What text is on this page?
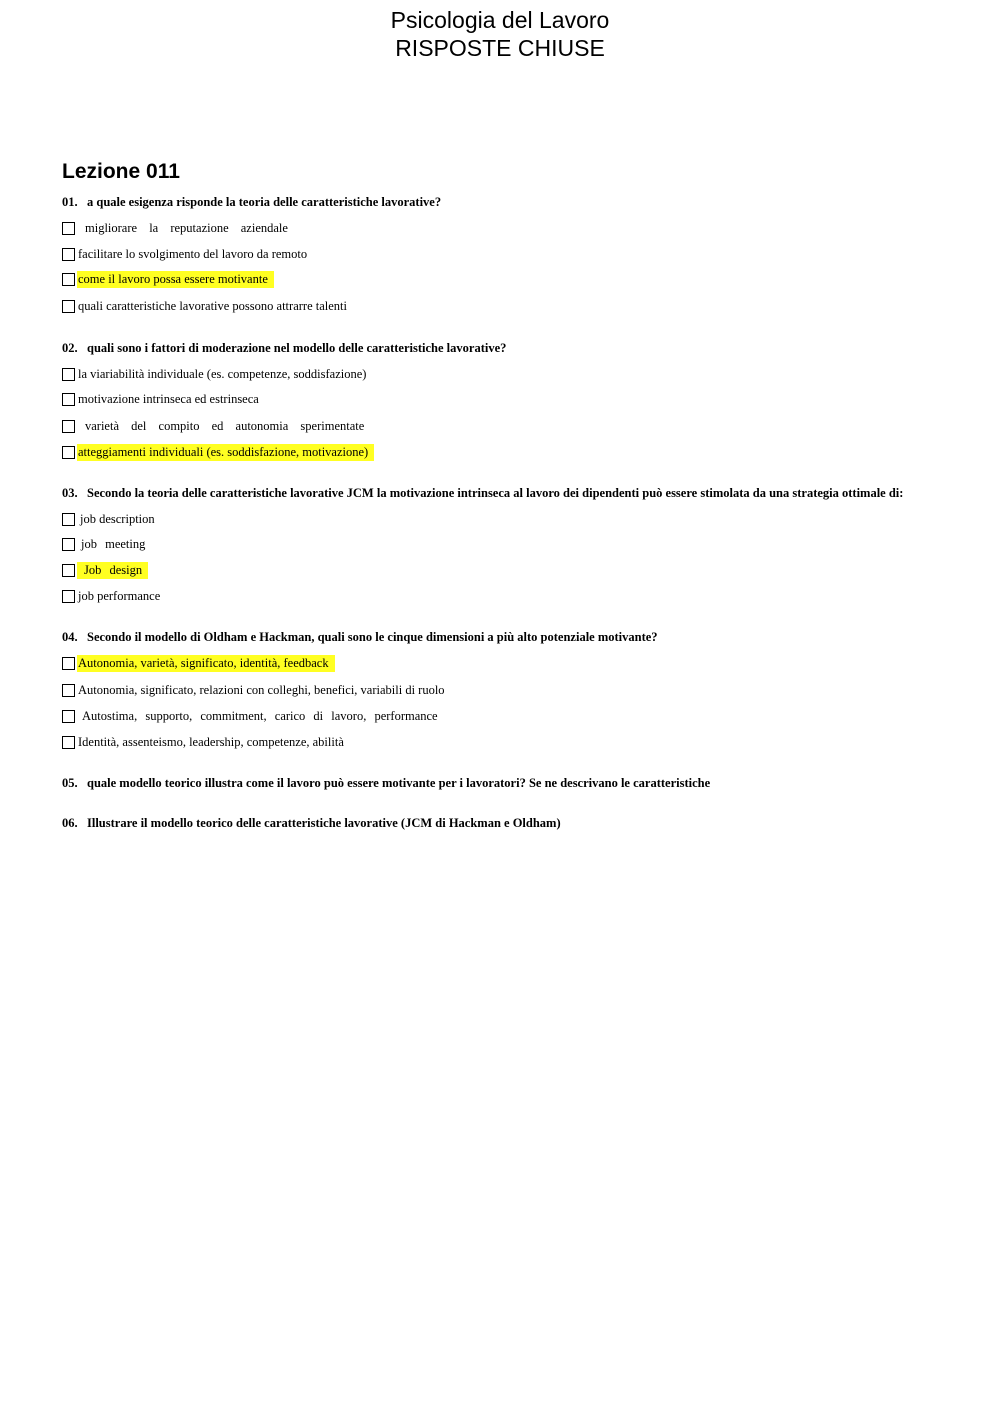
Psicologia del Lavoro
RISPOSTE CHIUSE
Lezione 011
01. a quale esigenza risponde la teoria delle caratteristiche lavorative?
migliorare la reputazione aziendale
facilitare lo svolgimento del lavoro da remoto
come il lavoro possa essere motivante
quali caratteristiche lavorative possono attrarre talenti
02. quali sono i fattori di moderazione nel modello delle caratteristiche lavorative?
la viariabilità individuale (es. competenze, soddisfazione)
motivazione intrinseca ed estrinseca
varietà del compito ed autonomia sperimentate
atteggiamenti individuali (es. soddisfazione, motivazione)
03. Secondo la teoria delle caratteristiche lavorative JCM la motivazione intrinseca al lavoro dei dipendenti può essere stimolata da una strategia ottimale di:
job description
job meeting
Job design
job performance
04. Secondo il modello di Oldham e Hackman, quali sono le cinque dimensioni a più alto potenziale motivante?
Autonomia, varietà, significato, identità, feedback
Autonomia, significato, relazioni con colleghi, benefici, variabili di ruolo
Autostima, supporto, commitment, carico di lavoro, performance
Identità, assenteismo, leadership, competenze, abilità
05. quale modello teorico illustra come il lavoro può essere motivante per i lavoratori? Se ne descrivano le caratteristiche
06. Illustrare il modello teorico delle caratteristiche lavorative (JCM di Hackman e Oldham)
